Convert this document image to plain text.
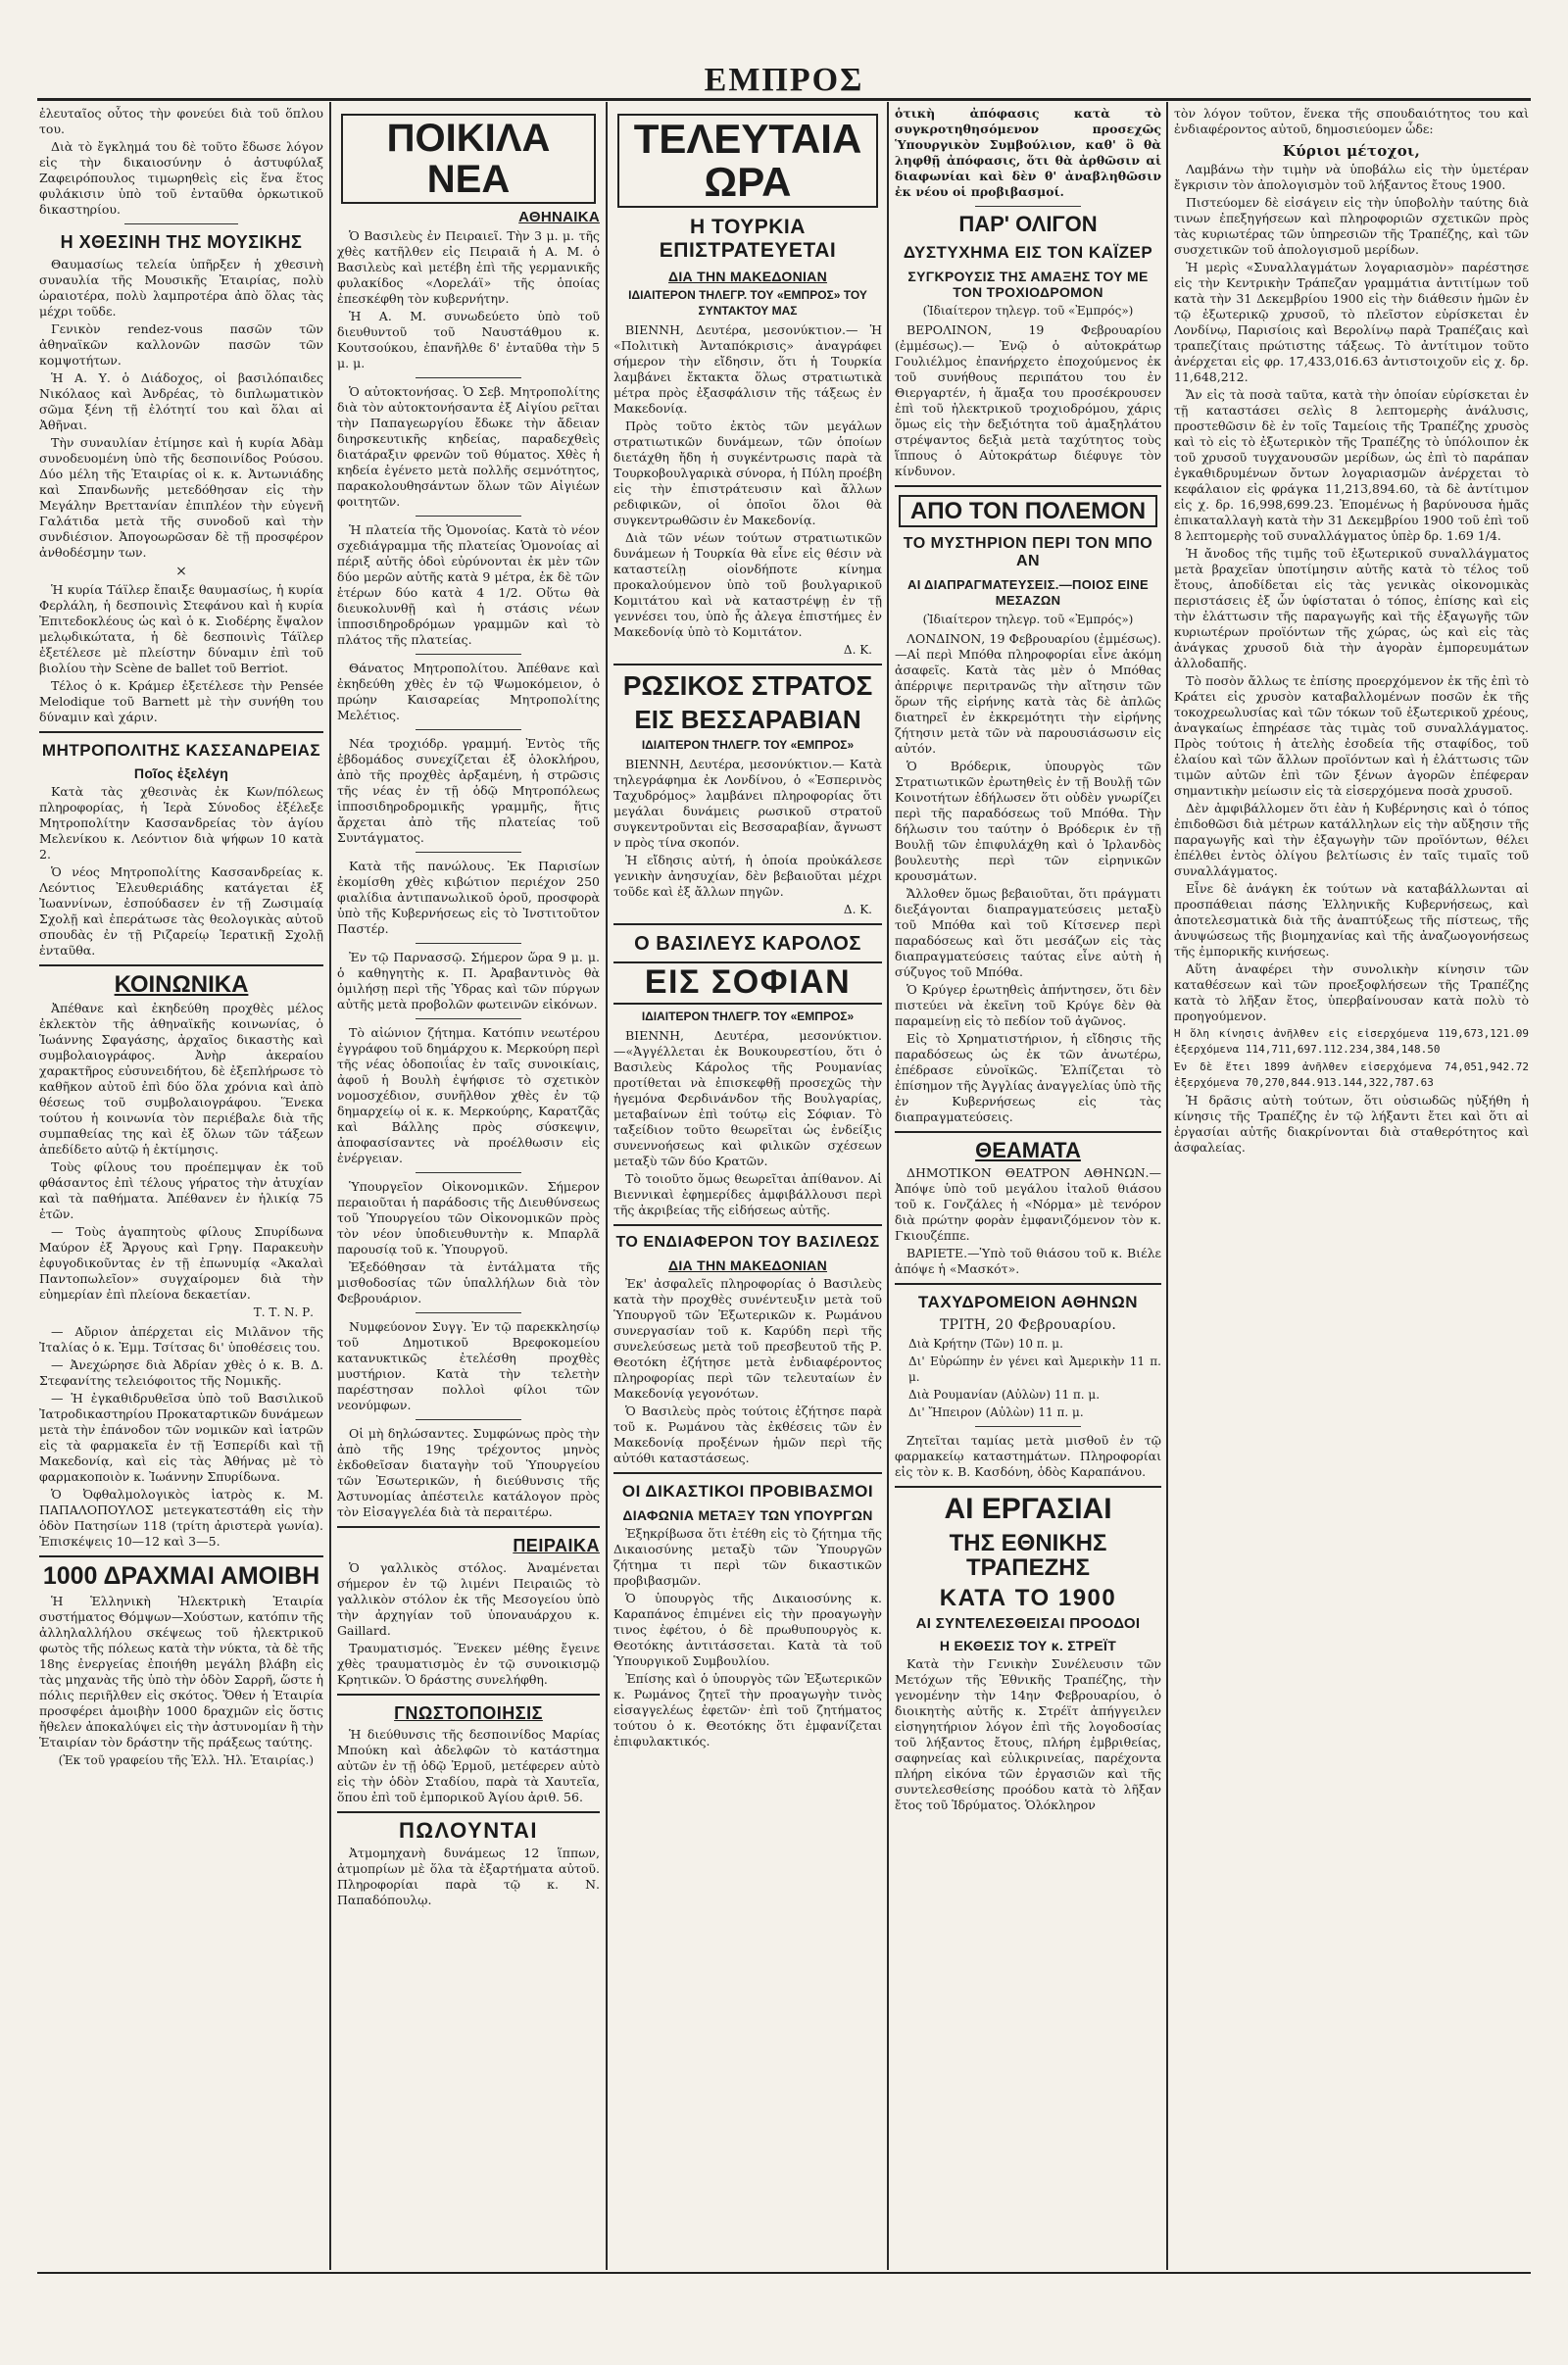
ΕΜΠΡΟΣ

ἐλευταῖος οὗτος τὴν φονεύει διὰ τοῦ ὅπλου του.

Διὰ τὸ ἔγκλημά του δὲ τοῦτο ἔδωσε λόγον εἰς τὴν δικαιοσύνην ὁ ἀστυφύλαξ Ζαφειρόπουλος τιμωρηθεὶς εἰς ἕνα ἕτος φυλάκισιν ὑπὸ τοῦ ἐνταῦθα ὁρκωτικοῦ δικαστηρίου.

Η ΧΘΕΣΙΝΗ ΤΗΣ ΜΟΥΣΙΚΗΣ

Θαυμασίως τελεία ὑπῆρξεν ἡ χθεσινὴ συναυλία τῆς Μουσικῆς Ἑταιρίας, πολὺ ὡραιοτέρα, πολὺ λαμπροτέρα ἀπὸ ὅλας τὰς μέχρι τοῦδε.

Γενικὸν rendez-vous πασῶν τῶν ἀθηναϊκῶν καλλονῶν πασῶν τῶν κομψοτήτων.

Ἡ Α. Υ. ὁ Διάδοχος, οἱ βασιλόπαιδες Νικόλαος καὶ Ἀνδρέας, τὸ διπλωματικὸν σῶμα ξένη τῇ ἐλότητί του καὶ ὅλαι αἱ Ἀθῆναι.

Τὴν συναυλίαν ἐτίμησε καὶ ἡ κυρία Ἀδὰμ συνοδευομένη ὑπὸ τῆς δεσποινίδος Ρούσου. Δύο μέλη τῆς Ἑταιρίας οἱ κ. κ. Ἀντωνιάδης καὶ Σπανδωνῆς μετεδόθησαν εἰς τὴν Μεγάλην Βρεττανίαν ἐπιπλέον τὴν εὐγενῆ Γαλάτιδα μετὰ τῆς συνοδοῦ καὶ τὴν συνδιέσιον. Ἀπογοωρῶσαν δὲ τῇ προσφέρον ἀνθοδέσμην των.

×

Ἡ κυρία Τάϊλερ ἔπαιξε θαυμασίως, ἡ κυρία Φερλάλη, ἡ δεσποινὶς Στεφάνου καὶ ἡ κυρία Ἐπιτεδοκλέους ὡς καὶ ὁ κ. Σιοδέρης ἔψαλον μελῳδικώτατα, ἡ δὲ δεσποινὶς Τάϊλερ ἐξετέλεσε μὲ πλείστην δύναμιν ἐπὶ τοῦ βιολίου τὴν Scène de ballet τοῦ Berriot.

Τέλος ὁ κ. Κράμερ ἐξετέλεσε τὴν Pensée Melodique τοῦ Barnett μὲ τὴν συνήθη του δύναμιν καὶ χάριν.

ΜΗΤΡΟΠΟΛΙΤΗΣ ΚΑΣΣΑΝΔΡΕΙΑΣ
Ποῖος ἐξελέγη

Κατὰ τὰς χθεσινὰς ἐκ Κων/πόλεως πληροφορίας, ἡ Ἱερὰ Σύνοδος ἐξέλεξε Μητροπολίτην Κασσανδρείας τὸν ἁγίου Μελενίκου κ. Λεόντιον διὰ ψήφων 10 κατὰ 2.

Ὁ νέος Μητροπολίτης Κασσανδρείας κ. Λεόντιος Ἐλευθεριάδης κατάγεται ἐξ Ἰωαννίνων, ἐσπούδασεν ἐν τῇ Ζωσιμαίᾳ Σχολῇ καὶ ἐπεράτωσε τὰς θεολογικὰς αὐτοῦ σπουδὰς ἐν τῇ Ριζαρείῳ Ἱερατικῇ Σχολῇ ἐνταῦθα.

ΚΟΙΝΩΝΙΚΑ

Ἀπέθανε καὶ ἐκηδεύθη προχθὲς μέλος ἐκλεκτὸν τῆς ἀθηναϊκῆς κοινωνίας, ὁ Ἱωάννης Σφαγάσης, ἀρχαῖος δικαστὴς καὶ συμβολαιογράφος. Ἀνὴρ ἀκεραίου χαρακτῆρος εὐσυνειδήτου, δὲ ἐξεπλήρωσε τὸ καθῆκον αὐτοῦ ἐπὶ δύο ὅλα χρόνια καὶ ἀπὸ θέσεως τοῦ συμβολαιογράφου. Ἕνεκα τούτου ἡ κοινωνία τὸν περιέβαλε διὰ τῆς συμπαθείας της καὶ ἐξ ὅλων τῶν τάξεων ἀπεδίδετο αὐτῷ ἡ ἐκτίμησις.

Τοὺς φίλους του προέπεμψαν ἐκ τοῦ φθάσαντος ἐπὶ τέλους γήρατος τὴν ἀτυχίαν καὶ τὰ παθήματα. Ἀπέθανεν ἐν ἡλικίᾳ 75 ἐτῶν.

— Τοὺς ἀγαπητοὺς φίλους Σπυρίδωνα Μαύρον ἐξ Ἄργους καὶ Γρηγ. Παρακευὴν ἐφυγοδικοῦντας ἐν τῇ ἐπωνυμίᾳ «Ἀκαλαὶ Παντοπωλεῖον» συγχαίρομεν διὰ τὴν εὐημερίαν ἐπὶ πλείονα δεκαετίαν.

Τ. Τ. Ν. Ρ.

— Αὔριον ἀπέρχεται εἰς Μιλᾶνον τῆς Ἰταλίας ὁ κ. Ἐμμ. Τσίτσας δι' ὑποθέσεις του.

— Ἀνεχώρησε διὰ Ἀδρίαν χθὲς ὁ κ. Β. Δ. Στεφανίτης τελειόφοιτος τῆς Νομικῆς.

— Ἡ ἐγκαθιδρυθεῖσα ὑπὸ τοῦ Βασιλικοῦ Ἰατροδικαστηρίου Προκαταρτικῶν δυνάμεων μετὰ τὴν ἐπάνοδον τῶν νομικῶν καὶ ἰατρῶν εἰς τὰ φαρμακεῖα ἐν τῇ Ἑσπερίδι καὶ τῇ Μακεδονίᾳ, καὶ εἰς τὰς Ἀθήνας μὲ τὸ φαρμακοποιὸν κ. Ἰωάννην Σπυρίδωνα.

Ὁ Ὀφθαλμολογικὸς ἰατρὸς κ. Μ. ΠΑΠΑΛΟΠΟΥΛΟΣ μετεγκατεστάθη εἰς τὴν ὁδὸν Πατησίων 118 (τρίτη ἀριστερὰ γωνία). Ἐπισκέψεις 10—12 καὶ 3—5.

1000 ΔΡΑΧΜΑΙ ΑΜΟΙΒΗ

Ἡ Ἑλληνικὴ Ἠλεκτρικὴ Ἑταιρία συστήματος Θόμψων—Χούστων, κατόπιν τῆς ἀλληλαλλήλου σκέψεως τοῦ ἠλεκτρικοῦ φωτὸς τῆς πόλεως κατὰ τὴν νύκτα, τὰ δὲ τῆς 18ης ἐνεργείας ἐποιήθη μεγάλη βλάβη εἰς τὰς μηχανὰς τῆς ὑπὸ τὴν ὁδὸν Σαρρῆ, ὥστε ἡ πόλις περιῆλθεν εἰς σκότος. Ὅθεν ἡ Ἑταιρία προσφέρει ἀμοιβὴν 1000 δραχμῶν εἰς ὅστις ἤθελεν ἀποκαλύψει εἰς τὴν ἀστυνομίαν ἢ τὴν Ἑταιρίαν τὸν δράστην τῆς πράξεως ταύτης.

(Ἐκ τοῦ γραφείου τῆς Ἑλλ. Ἠλ. Ἑταιρίας.)
ΠΟΙΚΙΛΑ ΝΕΑ
ΑΘΗΝΑΙΚΑ

Ὁ Βασιλεὺς ἐν Πειραιεῖ. Τὴν 3 μ. μ. τῆς χθὲς κατῆλθεν εἰς Πειραιᾶ ἡ Α. Μ. ὁ Βασιλεὺς καὶ μετέβη ἐπὶ τῆς γερμανικῆς φυλακίδος «Λορελάϊ» τῆς ὁποίας ἐπεσκέφθη τὸν κυβερνήτην.

Ἡ Α. Μ. συνωδεύετο ὑπὸ τοῦ διευθυντοῦ τοῦ Ναυστάθμου κ. Κουτσούκου, ἐπανῆλθε δ' ἐνταῦθα τὴν 5 μ. μ.

Ὁ αὐτοκτονήσας. Ὁ Σεβ. Μητροπολίτης διὰ τὸν αὐτοκτονήσαντα ἐξ Αἰγίου ρεῖται τὴν Παπαγεωργίου ἔδωκε τὴν ἄδειαν διηρσκευτικῆς κηδείας, παραδεχθεὶς διατάραξιν φρενῶν τοῦ θύματος. Χθὲς ἡ κηδεία ἐγένετο μετὰ πολλῆς σεμνότητος, παρακολουθησάντων ὅλων τῶν Αἰγιέων φοιτητῶν.

Ἡ πλατεία τῆς Ὁμονοίας. Κατὰ τὸ νέον σχεδιάγραμμα τῆς πλατείας Ὁμονοίας αἱ πέριξ αὐτῆς ὁδοὶ εὐρύνονται ἐκ μὲν τῶν δύο μερῶν αὐτῆς κατὰ 9 μέτρα, ἐκ δὲ τῶν ἑτέρων δύο κατὰ 4 1/2. Οὕτω θὰ διευκολυνθῇ καὶ ἡ στάσις νέων ἱπποσιδηροδρόμων γραμμῶν καὶ τὸ πλάτος τῆς πλατείας.

Θάνατος Μητροπολίτου. Ἀπέθανε καὶ ἐκηδεύθη χθὲς ἐν τῷ Ψωμοκόμειον, ὁ πρώην Καισαρείας Μητροπολίτης Μελέτιος.

Νέα τροχιόδρ. γραμμή. Ἐντὸς τῆς ἑβδομάδος συνεχίζεται ἐξ ὁλοκλήρου, ἀπὸ τῆς προχθὲς ἀρξαμένη, ἡ στρῶσις τῆς νέας ἐν τῇ ὁδῷ Μητροπόλεως ἱπποσιδηροδρομικῆς γραμμῆς, ἥτις ἄρχεται ἀπὸ τῆς πλατείας τοῦ Συντάγματος.

Κατὰ τῆς πανώλους. Ἐκ Παρισίων ἐκομίσθη χθὲς κιβώτιον περιέχον 250 φιαλίδια ἀντιπανωλικοῦ ὀροῦ, προσφορὰ ὑπὸ τῆς Κυβερνήσεως εἰς τὸ Ἰνστιτοῦτον Παστέρ.

Ἐν τῷ Παρνασσῷ. Σήμερον ὥρα 9 μ. μ. ὁ καθηγητὴς κ. Π. Ἀραβαντινὸς θὰ ὁμιλήσῃ περὶ τῆς Ὑδρας καὶ τῶν πύργων αὐτῆς μετὰ προβολῶν φωτεινῶν εἰκόνων.

Τὸ αἰώνιον ζήτημα. Κατόπιν νεωτέρου ἐγγράφου τοῦ δημάρχου κ. Μερκούρη περὶ τῆς νέας ὁδοποιΐας ἐν ταῖς συνοικίαις, ἀφοῦ ἡ Βουλὴ ἐψήφισε τὸ σχετικὸν νομοσχέδιον, συνῆλθον χθὲς ἐν τῷ δημαρχείῳ οἱ κ. κ. Μερκούρης, Καρατζᾶς καὶ Βάλλης πρὸς σύσκεψιν, ἀποφασίσαντες νὰ προέλθωσιν εἰς ἐνέργειαν.

Ὑπουργεῖον Οἰκονομικῶν. Σήμερον περαιοῦται ἡ παράδοσις τῆς Διευθύνσεως τοῦ Ὑπουργείου τῶν Οἰκονομικῶν πρὸς τὸν νέον ὑποδιευθυντὴν κ. Μπαρλᾶ παρουσίᾳ τοῦ κ. Ὑπουργοῦ.

Ἐξεδόθησαν τὰ ἐντάλματα τῆς μισθοδοσίας τῶν ὑπαλλήλων διὰ τὸν Φεβρουάριον.

Νυμφεύονον Συγγ. Ἐν τῷ παρεκκλησίῳ τοῦ Δημοτικοῦ Βρεφοκομείου κατανυκτικῶς ἐτελέσθη προχθὲς μυστήριον. Κατὰ τὴν τελετὴν παρέστησαν πολλοὶ φίλοι τῶν νεονύμφων.

Οἱ μὴ δηλώσαντες. Συμφώνως πρὸς τὴν ἀπὸ τῆς 19ης τρέχοντος μηνὸς ἐκδοθεῖσαν διαταγὴν τοῦ Ὑπουργείου τῶν Ἐσωτερικῶν, ἡ διεύθυνσις τῆς Ἀστυνομίας ἀπέστειλε κατάλογον πρὸς τὸν Εἰσαγγελέα διὰ τὰ περαιτέρω.

ΠΕΙΡΑΙΚΑ

Ὁ γαλλικὸς στόλος. Ἀναμένεται σήμερον ἐν τῷ λιμένι Πειραιῶς τὸ γαλλικὸν στόλον ἐκ τῆς Μεσογείου ὑπὸ τὴν ἀρχηγίαν τοῦ ὑποναυάρχου κ. Gaillard.

Τραυματισμός. Ἕνεκεν μέθης ἔγεινε χθὲς τραυματισμὸς ἐν τῷ συνοικισμῷ Κρητικῶν. Ὁ δράστης συνελήφθη.

ΓΝΩΣΤΟΠΟΙΗΣΙΣ

Ἡ διεύθυνσις τῆς δεσποινίδος Μαρίας Μπούκη καὶ ἀδελφῶν τὸ κατάστημα αὐτῶν ἐν τῇ ὁδῷ Ἑρμοῦ, μετέφερεν αὐτὸ εἰς τὴν ὁδὸν Σταδίου, παρὰ τὰ Χαυτεῖα, ὅπου ἐπὶ τοῦ ἐμπορικοῦ Ἀγίου ἀριθ. 56.

ΠΩΛΟΥΝΤΑΙ

Ἀτμομηχανὴ δυνάμεως 12 ἵππων, ἀτμοπρίων μὲ ὅλα τὰ ἐξαρτήματα αὐτοῦ. Πληροφορίαι παρὰ τῷ κ. Ν. Παπαδόπουλῳ.

ΤΕΛΕΥΤΑΙΑ ΩΡΑ
Η ΤΟΥΡΚΙΑ ΕΠΙΣΤΡΑΤΕΥΕΤΑΙ
ΔΙΑ ΤΗΝ ΜΑΚΕΔΟΝΙΑΝ
ΙΔΙΑΙΤΕΡΟΝ ΤΗΛΕΓΡ. ΤΟΥ «ΕΜΠΡΟΣ» ΤΟΥ ΣΥΝΤΑΚΤΟΥ ΜΑΣ

ΒΙΕΝΝΗ, Δευτέρα, μεσονύκτιον.— Ἡ «Πολιτικὴ Ἀνταπόκρισις» ἀναγράφει σήμερον τὴν εἴδησιν, ὅτι ἡ Τουρκία λαμβάνει ἔκτακτα ὅλως στρατιωτικὰ μέτρα πρὸς ἐξασφάλισιν τῆς τάξεως ἐν Μακεδονίᾳ.

Πρὸς τοῦτο ἐκτὸς τῶν μεγάλων στρατιωτικῶν δυνάμεων, τῶν ὁποίων διετάχθη ἤδη ἡ συγκέντρωσις παρὰ τὰ Τουρκοβουλγαρικὰ σύνορα, ἡ Πύλη προέβη εἰς τὴν ἐπιστράτευσιν καὶ ἄλλων ρεδιφικῶν, οἱ ὁποῖοι ὅλοι θὰ συγκεντρωθῶσιν ἐν Μακεδονίᾳ.

Διὰ τῶν νέων τούτων στρατιωτικῶν δυνάμεων ἡ Τουρκία θὰ εἶνε εἰς θέσιν νὰ καταστείλῃ οἱονδήποτε κίνημα προκαλούμενον ὑπὸ τοῦ βουλγαρικοῦ Κομιτάτου καὶ νὰ καταστρέψῃ ἐν τῇ γεννέσει του, ὑπὸ ἧς ἀλεγα ἐπιστήμες ἐν Μακεδονίᾳ ὑπὸ τὸ Κομιτάτον.

Δ. Κ.
ΡΩΣΙΚΟΣ ΣΤΡΑΤΟΣ
ΕΙΣ ΒΕΣΣΑΡΑΒΙΑΝ
ΙΔΙΑΙΤΕΡΟΝ ΤΗΛΕΓΡ. ΤΟΥ «ΕΜΠΡΟΣ»

ΒΙΕΝΝΗ, Δευτέρα, μεσονύκτιον.— Κατὰ τηλεγράφημα ἐκ Λονδίνου, ὁ «Ἑσπερινὸς Ταχυδρόμος» λαμβάνει πληροφορίας ὅτι μεγάλαι δυνάμεις ρωσικοῦ στρατοῦ συγκεντροῦνται εἰς Βεσσαραβίαν, ἄγνωστ ν πρὸς τίνα σκοπόν.

Ἡ εἴδησις αὐτή, ἡ ὁποία προὐκάλεσε γενικὴν ἀνησυχίαν, δὲν βεβαιοῦται μέχρι τοῦδε καὶ ἐξ ἄλλων πηγῶν.

Δ. Κ.
Ο ΒΑΣΙΛΕΥΣ ΚΑΡΟΛΟΣ
ΕΙΣ ΣΟΦΙΑΝ
ΙΔΙΑΙΤΕΡΟΝ ΤΗΛΕΓΡ. ΤΟΥ «ΕΜΠΡΟΣ»

ΒΙΕΝΝΗ, Δευτέρα, μεσονύκτιον.—«Ἀγγέλλεται ἐκ Βουκουρεστίου, ὅτι ὁ Βασιλεὺς Κάρολος τῆς Ρουμανίας προτίθεται νὰ ἐπισκεφθῇ προσεχῶς τὴν ἡγεμόνα Φερδινάνδον τῆς Βουλγαρίας, μεταβαίνων ἐπὶ τούτῳ εἰς Σόφιαν. Τὸ ταξείδιον τοῦτο θεωρεῖται ὡς ἐνδείξις συνεννοήσεως καὶ φιλικῶν σχέσεων μεταξὺ τῶν δύο Κρατῶν.

Τὸ τοιοῦτο ὅμως θεωρεῖται ἀπίθανον. Αἱ Βιεννικαὶ ἐφημερίδες ἀμφιβάλλουσι περὶ τῆς ἀκριβείας τῆς εἰδήσεως αὐτῆς.

ΤΟ ΕΝΔΙΑΦΕΡΟΝ ΤΟΥ ΒΑΣΙΛΕΩΣ
ΔΙΑ ΤΗΝ ΜΑΚΕΔΟΝΙΑΝ

Ἐκ' ἀσφαλεῖς πληροφορίας ὁ Βασιλεὺς κατὰ τὴν προχθὲς συνέντευξιν μετὰ τοῦ Ὑπουργοῦ τῶν Ἐξωτερικῶν κ. Ρωμάνου συνεργασίαν τοῦ κ. Καρύδη περὶ τῆς συνελεύσεως μετὰ τοῦ πρεσβευτοῦ τῆς Ρ. Θεοτόκη ἐζήτησε μετὰ ἐνδιαφέροντος πληροφορίας περὶ τῶν τελευταίων ἐν Μακεδονίᾳ γεγονότων.

Ὁ Βασιλεὺς πρὸς τούτοις ἐζήτησε παρὰ τοῦ κ. Ρωμάνου τὰς ἐκθέσεις τῶν ἐν Μακεδονίᾳ προξένων ἡμῶν περὶ τῆς αὐτόθι καταστάσεως.

ΟΙ ΔΙΚΑΣΤΙΚΟΙ ΠΡΟΒΙΒΑΣΜΟΙ
ΔΙΑΦΩΝΙΑ ΜΕΤΑΞΥ ΤΩΝ ΥΠΟΥΡΓΩΝ

Ἐξηκρίβωσα ὅτι ἐτέθη εἰς τὸ ζήτημα τῆς Δικαιοσύνης μεταξὺ τῶν Ὑπουργῶν ζήτημα τι περὶ τῶν δικαστικῶν προβιβασμῶν.

Ὁ ὑπουργὸς τῆς Δικαιοσύνης κ. Καραπάνος ἐπιμένει εἰς τὴν προαγωγὴν τινος ἐφέτου, ὁ δὲ πρωθυπουργὸς κ. Θεοτόκης ἀντιτάσσεται. Κατὰ τὰ τοῦ Ὑπουργικοῦ Συμβουλίου.

Ἐπίσης καὶ ὁ ὑπουργὸς τῶν Ἐξωτερικῶν κ. Ρωμάνος ζητεῖ τὴν προαγωγὴν τινὸς εἰσαγγελέως ἐφετῶν· ἐπὶ τοῦ ζητήματος τούτου ὁ κ. Θεοτόκης ὅτι ἐμφανίζεται ἐπιφυλακτικός.

ὁτικὴ ἀπόφασις κατὰ τὸ συγκροτηθησόμενον προσεχῶς Ὑπουργικὸν Συμβούλιον, καθ' ὃ θὰ ληφθῇ ἀπόφασις, ὅτι θὰ ἀρθῶσιν αἱ διαφωνίαι καὶ δὲν θ' ἀναβληθῶσιν ἐκ νέου οἱ προβιβασμοί.

ΠΑΡ' ΟΛΙΓΟΝ
ΔΥΣΤΥΧΗΜΑ ΕΙΣ ΤΟΝ ΚΑΪΖΕΡ
ΣΥΓΚΡΟΥΣΙΣ ΤΗΣ ΑΜΑΞΗΣ ΤΟΥ ΜΕ ΤΟΝ ΤΡΟΧΙΟΔΡΟΜΟΝ
(Ἰδιαίτερον τηλεγρ. τοῦ «Ἐμπρός»)

ΒΕΡΟΛΙΝΟΝ, 19 Φεβρουαρίου (ἐμμέσως).— Ἐνῷ ὁ αὐτοκράτωρ Γουλιέλμος ἐπανήρχετο ἐποχούμενος ἐκ τοῦ συνήθους περιπάτου του ἐν Θιεργαρτέν, ἡ ἅμαξα του προσέκρουσεν ἐπὶ τοῦ ἠλεκτρικοῦ τροχιοδρόμου, χάρις ὅμως εἰς τὴν δεξιότητα τοῦ ἁμαξηλάτου στρέψαντος δεξιὰ μετὰ ταχύτητος τοὺς ἵππους ὁ Αὐτοκράτωρ διέφυγε τὸν κίνδυνον.

ΑΠΟ ΤΟΝ ΠΟΛΕΜΟΝ
ΤΟ ΜΥΣΤΗΡΙΟΝ ΠΕΡΙ ΤΟΝ ΜΠΟ ΑΝ
ΑΙ ΔΙΑΠΡΑΓΜΑΤΕΥΣΕΙΣ.—ΠΟΙΟΣ ΕΙΝΕ ΜΕΣΑΖΩΝ
(Ἰδιαίτερον τηλεγρ. τοῦ «Ἐμπρός»)

ΛΟΝΔΙΝΟΝ, 19 Φεβρουαρίου (ἐμμέσως).—Αἱ περὶ Μπόθα πληροφορίαι εἶνε ἀκόμη ἀσαφεῖς. Κατὰ τὰς μὲν ὁ Μπόθας ἀπέρριψε περιτρανῶς τὴν αἴτησιν τῶν ὅρων τῆς εἰρήνης κατὰ τὰς δὲ ἀπλῶς διατηρεῖ ἐν ἐκκρεμότητι τὴν εἰρήνης ζήτησιν μετὰ τῶν νὰ παρουσιάσωσιν εἰς αὐτόν.

Ὁ Βρόδερικ, ὑπουργὸς τῶν Στρατιωτικῶν ἐρωτηθεὶς ἐν τῇ Βουλῇ τῶν Κοινοτήτων ἐδήλωσεν ὅτι οὐδὲν γνωρίζει περὶ τῆς παραδόσεως τοῦ Μπόθα. Τὴν δήλωσιν του ταύτην ὁ Βρόδερικ ἐν τῇ Βουλῇ τῶν ἐπιφυλάχθη καὶ ὁ Ἰρλανδὸς βουλευτὴς περὶ τῶν εἰρηνικῶν κρουσμάτων.

Ἄλλοθεν ὅμως βεβαιοῦται, ὅτι πράγματι διεξάγονται διαπραγματεύσεις μεταξὺ τοῦ Μπόθα καὶ τοῦ Κίτσενερ περὶ παραδόσεως καὶ ὅτι μεσάζων εἰς τὰς διαπραγματεύσεις ταύτας εἶνε αὐτὴ ἡ σύζυγος τοῦ Μπόθα.

Ὁ Κρύγερ ἐρωτηθεὶς ἀπήντησεν, ὅτι δὲν πιστεύει νὰ ἐκεῖνη τοῦ Κρύγε δὲν θὰ παραμείνῃ εἰς τὸ πεδίον τοῦ ἀγῶνος.

Εἰς τὸ Χρηματιστήριον, ἡ εἴδησις τῆς παραδόσεως ὡς ἐκ τῶν ἀνωτέρω, ἐπέδρασε εὐνοϊκῶς. Ἐλπίζεται τὸ ἐπίσημον τῆς Ἀγγλίας ἀναγγελίας ὑπὸ τῆς ἐν Κυβερνήσεως εἰς τὰς διαπραγματεύσεις.

ΘΕΑΜΑΤΑ

ΔΗΜΟΤΙΚΟΝ ΘΕΑΤΡΟΝ ΑΘΗΝΩΝ.—Ἀπόψε ὑπὸ τοῦ μεγάλου ἰταλοῦ θιάσου τοῦ κ. Γονζάλες ἡ «Νόρμα» μὲ τενόρον διὰ πρώτην φορὰν ἐμφανιζόμενον τὸν κ. Γκιουζέππε.

ΒΑΡΙΕΤΕ.—Ὑπὸ τοῦ θιάσου τοῦ κ. Βιέλε ἀπόψε ἡ «Μασκότ».

ΤΑΧΥΔΡΟΜΕΙΟΝ ΑΘΗΝΩΝ
ΤΡΙΤΗ, 20 Φεβρουαρίου.

Διὰ Κρήτην (Τῶν) 10 π. μ.

Δι' Εὐρώπην ἐν γένει καὶ Ἀμερικὴν 11 π. μ.

Διὰ Ρουμανίαν (Αὐλὼν) 11 π. μ.

Δι' Ἤπειρον (Αὐλὼν) 11 π. μ.

Ζητεῖται ταμίας μετὰ μισθοῦ ἐν τῷ φαρμακείῳ καταστημάτων. Πληροφορίαι εἰς τὸν κ. Β. Κασδόνη, ὁδὸς Καραπάνου.

ΑΙ ΕΡΓΑΣΙΑΙ
ΤΗΣ ΕΘΝΙΚΗΣ ΤΡΑΠΕΖΗΣ
ΚΑΤΑ ΤΟ 1900
ΑΙ ΣΥΝΤΕΛΕΣΘΕΙΣΑΙ ΠΡΟΟΔΟΙ
Η ΕΚΘΕΣΙΣ ΤΟΥ κ. ΣΤΡΕΪΤ

Κατὰ τὴν Γενικὴν Συνέλευσιν τῶν Μετόχων τῆς Ἐθνικῆς Τραπέζης, τὴν γενομένην τὴν 14ην Φεβρουαρίου, ὁ διοικητὴς αὐτῆς κ. Στρέϊτ ἀπήγγειλεν εἰσηγητήριον λόγον ἐπὶ τῆς λογοδοσίας τοῦ λήξαντος ἔτους, πλήρη ἐμβριθείας, σαφηνείας καὶ εὐλικρινείας, παρέχοντα πλήρη εἰκόνα τῶν ἐργασιῶν καὶ τῆς συντελεσθείσης προόδου κατὰ τὸ λῆξαν ἔτος τοῦ Ἱδρύματος. Ὁλόκληρον

τὸν λόγον τοῦτον, ἕνεκα τῆς σπουδαιότητος του καὶ ἐνδιαφέροντος αὐτοῦ, δημοσιεύομεν ὧδε:

Κύριοι μέτοχοι,

Λαμβάνω τὴν τιμὴν νὰ ὑποβάλω εἰς τὴν ὑμετέραν ἔγκρισιν τὸν ἀπολογισμὸν τοῦ λήξαντος ἔτους 1900.

Πιστεύομεν δὲ εἰσάγειν εἰς τὴν ὑποβολὴν ταύτης διὰ τινων ἐπεξηγήσεων καὶ πληροφοριῶν σχετικῶν πρὸς τὰς κυριωτέρας τῶν ὑπηρεσιῶν τῆς Τραπέζης, καὶ τῶν συσχετικῶν τοῦ ἀπολογισμοῦ μερίδων.

Ἡ μερὶς «Συναλλαγμάτων λογαριασμὸν» παρέστησε εἰς τὴν Κεντρικὴν Τράπεζαν γραμμάτια ἀντιτίμων τοῦ κατὰ τὴν 31 Δεκεμβρίου 1900 εἰς τὴν διάθεσιν ἡμῶν ἐν τῷ ἐξωτερικῷ χρυσοῦ, τὸ πλεῖστον εὑρίσκεται ἐν Λονδίνῳ, Παρισίοις καὶ Βερολίνῳ παρὰ Τραπέζαις καὶ τραπεζίταις πρώτιστης τάξεως. Τὸ ἀντίτιμον τοῦτο ἀνέρχεται εἰς φρ. 17,433,016.63 ἀντιστοιχοῦν εἰς χ. δρ. 11,648,212.

Ἄν εἰς τὰ ποσὰ ταῦτα, κατὰ τὴν ὁποίαν εὑρίσκεται ἐν τῇ καταστάσει σελὶς 8 λεπτομερὴς ἀνάλυσις, προστεθῶσιν δὲ ἐν τοῖς Ταμείοις τῆς Τραπέζης χρυσὸς καὶ τὸ εἰς τὸ ἐξωτερικὸν τῆς Τραπέζης τὸ ὑπόλοιπον ἐκ τοῦ χρυσοῦ τυγχανουσῶν μερίδων, ὡς ἐπὶ τὸ παράπαν ἐγκαθιδρυμένων ὄντων λογαριασμῶν ἀνέρχεται τὸ κεφάλαιον εἰς φράγκα 11,213,894.60, τὰ δὲ ἀντίτιμον εἰς χ. δρ. 16,998,699.23. Ἐπομένως ἡ βαρύνουσα ἡμᾶς ἐπικαταλλαγὴ κατὰ τὴν 31 Δεκεμβρίου 1900 τοῦ ἐπὶ τοῦ 8 λεπτομερὴς τοῦ συναλλάγματος ὑπὲρ δρ. 1.69 1/4.

Ἡ ἄνοδος τῆς τιμῆς τοῦ ἐξωτερικοῦ συναλλάγματος μετὰ βραχεῖαν ὑποτίμησιν αὐτῆς κατὰ τὸ τέλος τοῦ ἔτους, ἀποδίδεται εἰς τὰς γενικὰς οἰκονομικὰς περιστάσεις ἐξ ὧν ὑφίσταται ὁ τόπος, ἐπίσης καὶ εἰς τὴν ἐλάττωσιν τῆς παραγωγῆς καὶ τῆς ἐξαγωγῆς τῶν κυριωτέρων προϊόντων τῆς χώρας, ὡς καὶ εἰς τὰς ἀνάγκας χρυσοῦ διὰ τὴν ἀγορὰν ἐμπορευμάτων ἀλλοδαπῆς.

Τὸ ποσὸν ἄλλως τε ἐπίσης προερχόμενον ἐκ τῆς ἐπὶ τὸ Κράτει εἰς χρυσὸν καταβαλλομένων ποσῶν ἐκ τῆς τοκοχρεωλυσίας καὶ τῶν τόκων τοῦ ἐξωτερικοῦ χρέους, ἀναγκαίως ἐπηρέασε τὰς τιμὰς τοῦ συναλλάγματος. Πρὸς τούτοις ἡ ἀτελὴς ἐσοδεία τῆς σταφίδος, τοῦ ἐλαίου καὶ τῶν ἄλλων προϊόντων καὶ ἡ ἐλάττωσις τῶν τιμῶν αὐτῶν ἐπὶ τῶν ξένων ἀγορῶν ἐπέφεραν σημαντικὴν μείωσιν εἰς τὰ εἰσερχόμενα ποσὰ χρυσοῦ.

Δὲν ἀμφιβάλλομεν ὅτι ἐὰν ἡ Κυβέρνησις καὶ ὁ τόπος ἐπιδοθῶσι διὰ μέτρων κατάλληλων εἰς τὴν αὔξησιν τῆς παραγωγῆς καὶ τὴν ἐξαγωγὴν τῶν προϊόντων, θέλει ἐπέλθει ἐντὸς ὀλίγου βελτίωσις ἐν ταῖς τιμαῖς τοῦ συναλλάγματος.

Εἶνε δὲ ἀνάγκη ἐκ τούτων νὰ καταβάλλωνται αἱ προσπάθειαι πάσης Ἑλληνικῆς Κυβερνήσεως, καὶ ἀποτελεσματικὰ διὰ τῆς ἀναπτύξεως τῆς πίστεως, τῆς ἀνυψώσεως τῆς βιομηχανίας καὶ τῆς ἀναζωογονήσεως τῆς ἐμπορικῆς κινήσεως.

Αὕτη ἀναφέρει τὴν συνολικὴν κίνησιν τῶν καταθέσεων καὶ τῶν προεξοφλήσεων τῆς Τραπέζης κατὰ τὸ λῆξαν ἔτος, ὑπερβαίνουσαν κατὰ πολὺ τὸ προηγούμενον.

Ἡ ὅλη κίνησις ἀνῆλθεν εἰς εἰσερχόμενα 119,673,121.09 ἐξερχόμενα 114,711,697.112.234,384,148.50

Ἐν δὲ ἔτει 1899 ἀνῆλθεν εἰσερχόμενα 74,051,942.72 ἐξερχόμενα 70,270,844.913.144,322,787.63

Ἡ δρᾶσις αὐτὴ τούτων, ὅτι οὐσιωδῶς ηὐξήθη ἡ κίνησις τῆς Τραπέζης ἐν τῷ λήξαντι ἔτει καὶ ὅτι αἱ ἐργασίαι αὐτῆς διακρίνονται διὰ σταθερότητος καὶ ἀσφαλείας.
